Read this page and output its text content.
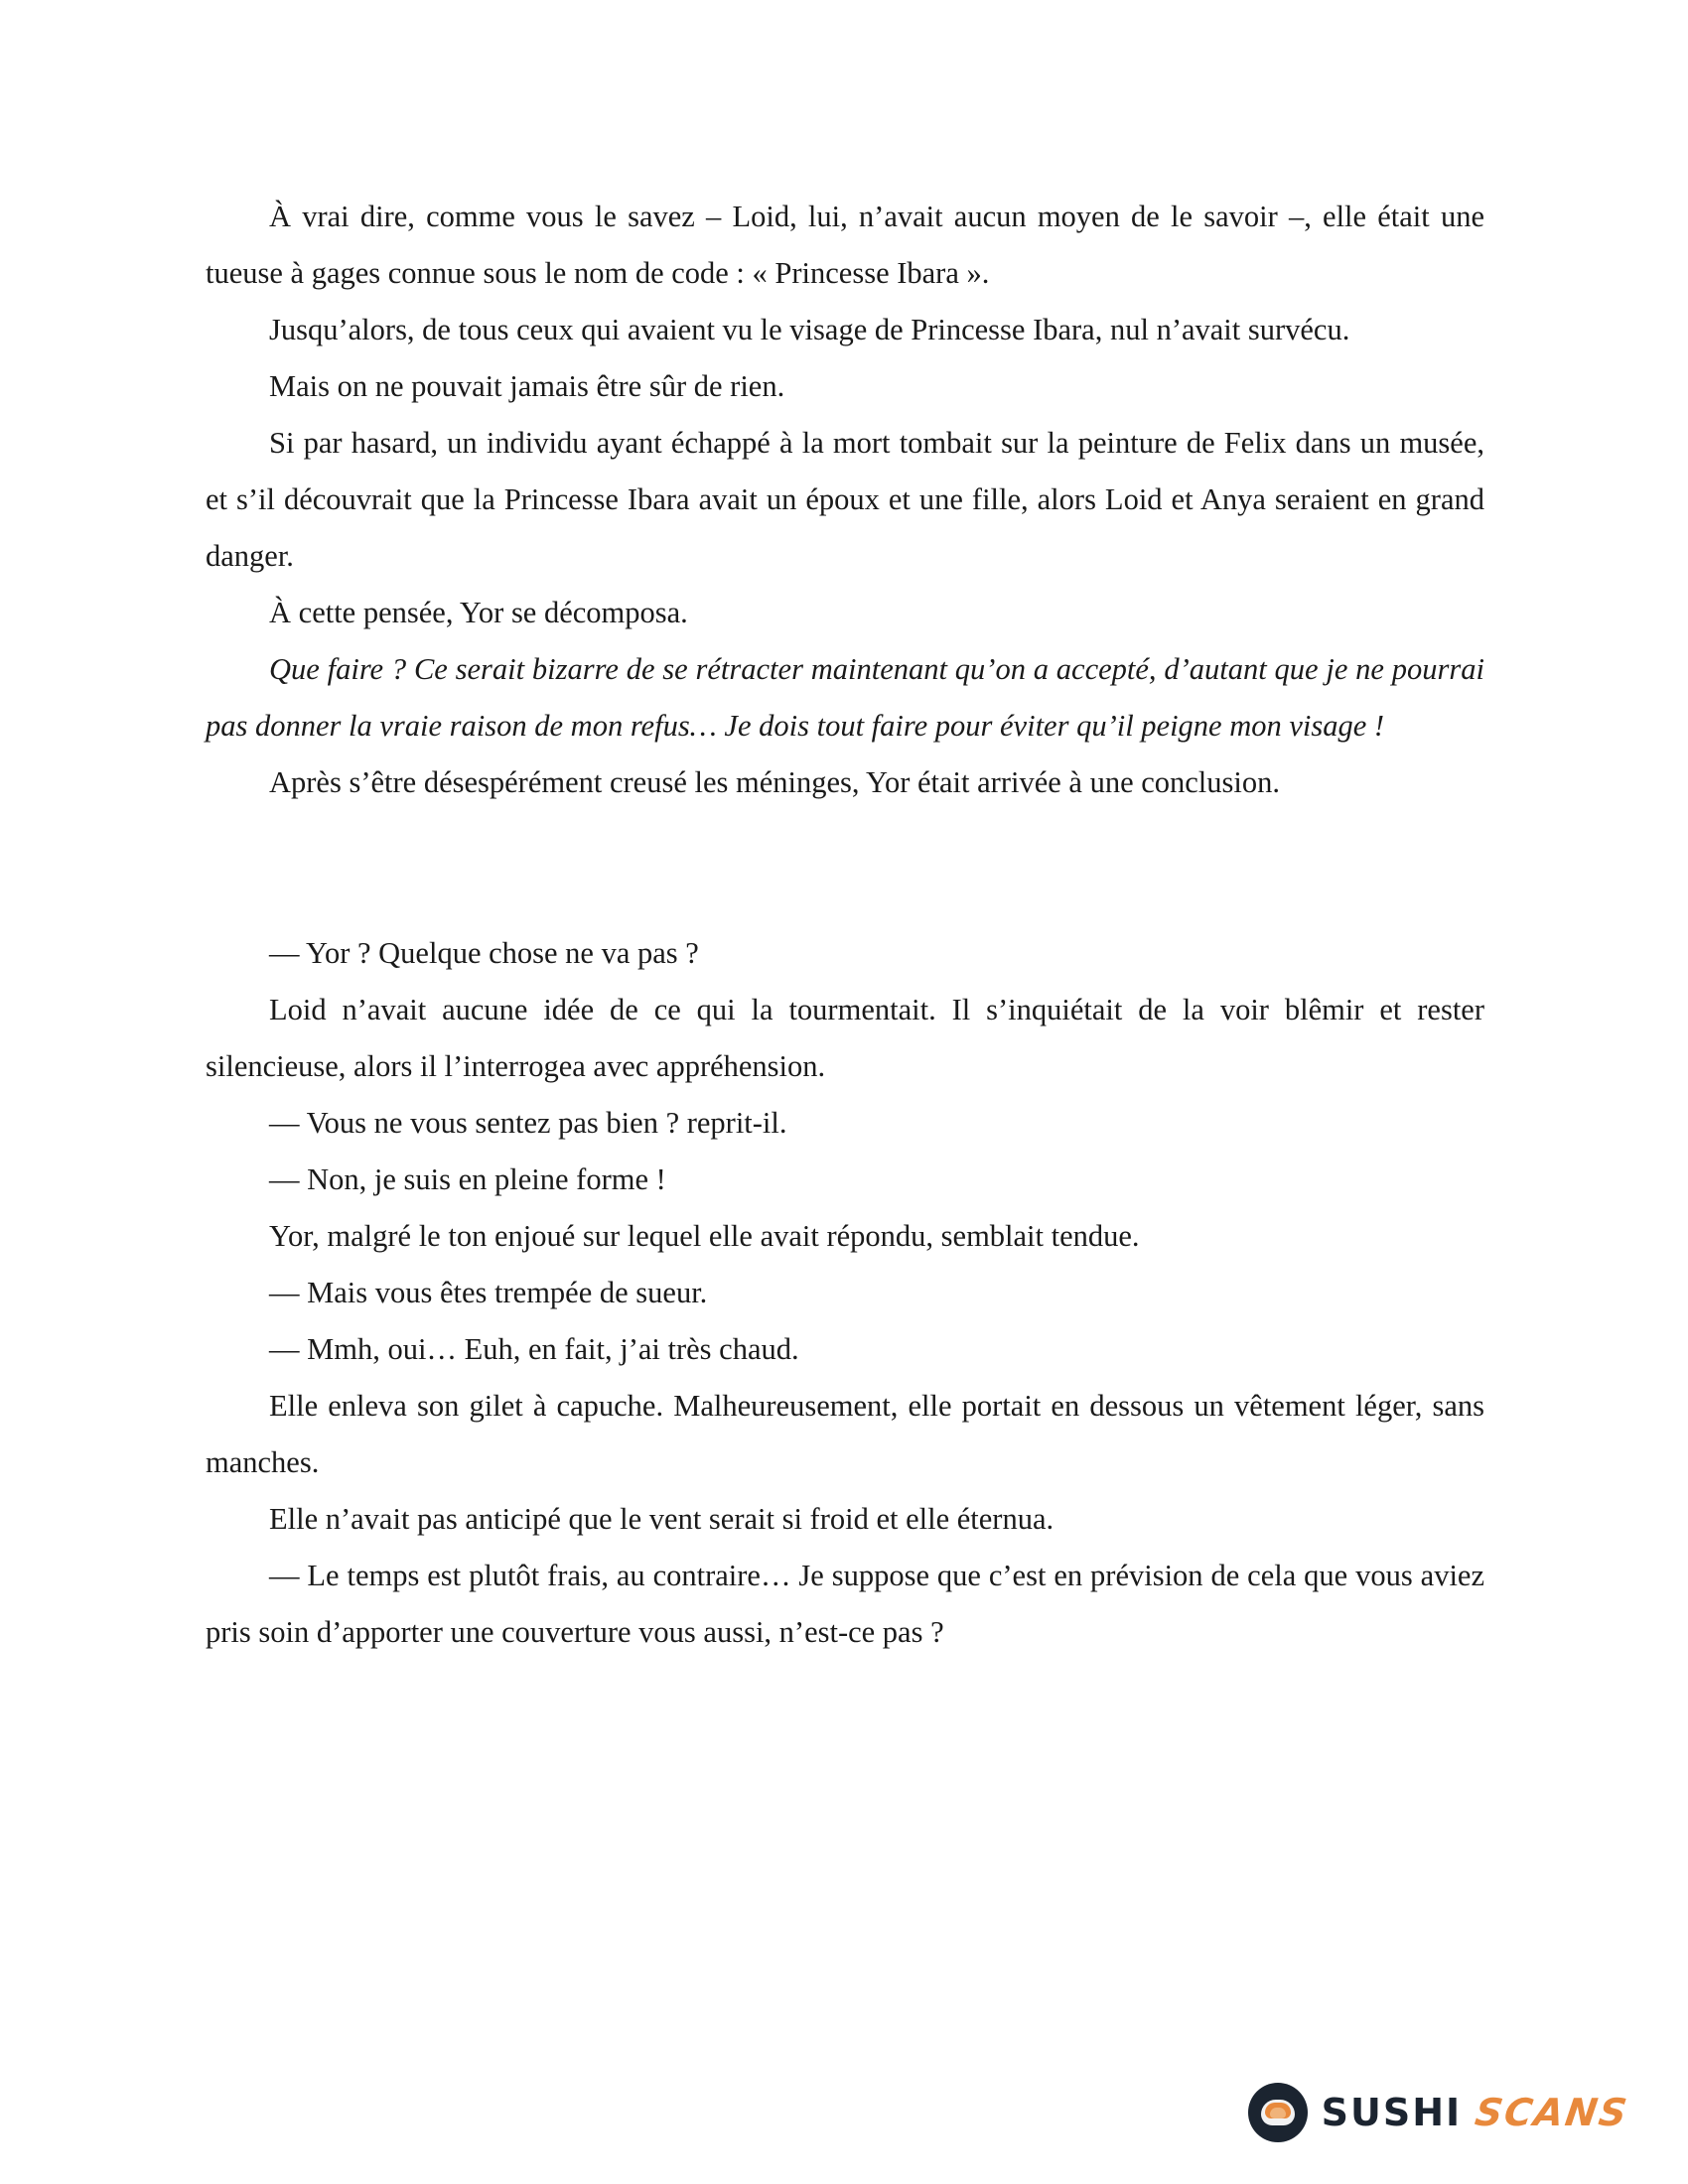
À vrai dire, comme vous le savez – Loid, lui, n’avait aucun moyen de le savoir –, elle était une tueuse à gages connue sous le nom de code : « Princesse Ibara ».

Jusqu’alors, de tous ceux qui avaient vu le visage de Princesse Ibara, nul n’avait survécu.

Mais on ne pouvait jamais être sûr de rien.

Si par hasard, un individu ayant échappé à la mort tombait sur la peinture de Felix dans un musée, et s’il découvrait que la Princesse Ibara avait un époux et une fille, alors Loid et Anya seraient en grand danger.

À cette pensée, Yor se décomposa.

Que faire ? Ce serait bizarre de se rétracter maintenant qu’on a accepté, d’autant que je ne pourrai pas donner la vraie raison de mon refus… Je dois tout faire pour éviter qu’il peigne mon visage !

Après s’être désespérément creusé les méninges, Yor était arrivée à une conclusion.

— Yor ? Quelque chose ne va pas ?

Loid n’avait aucune idée de ce qui la tourmentait. Il s’inquiétait de la voir blêmir et rester silencieuse, alors il l’interrogea avec appréhension.

— Vous ne vous sentez pas bien ? reprit-il.

— Non, je suis en pleine forme !

Yor, malgré le ton enjoué sur lequel elle avait répondu, semblait tendue.

— Mais vous êtes trempée de sueur.

— Mmh, oui… Euh, en fait, j’ai très chaud.

Elle enleva son gilet à capuche. Malheureusement, elle portait en dessous un vêtement léger, sans manches.

Elle n’avait pas anticipé que le vent serait si froid et elle éternua.

— Le temps est plutôt frais, au contraire… Je suppose que c’est en prévision de cela que vous aviez pris soin d’apporter une couverture vous aussi, n’est-ce pas ?

SUSHI SCANS
